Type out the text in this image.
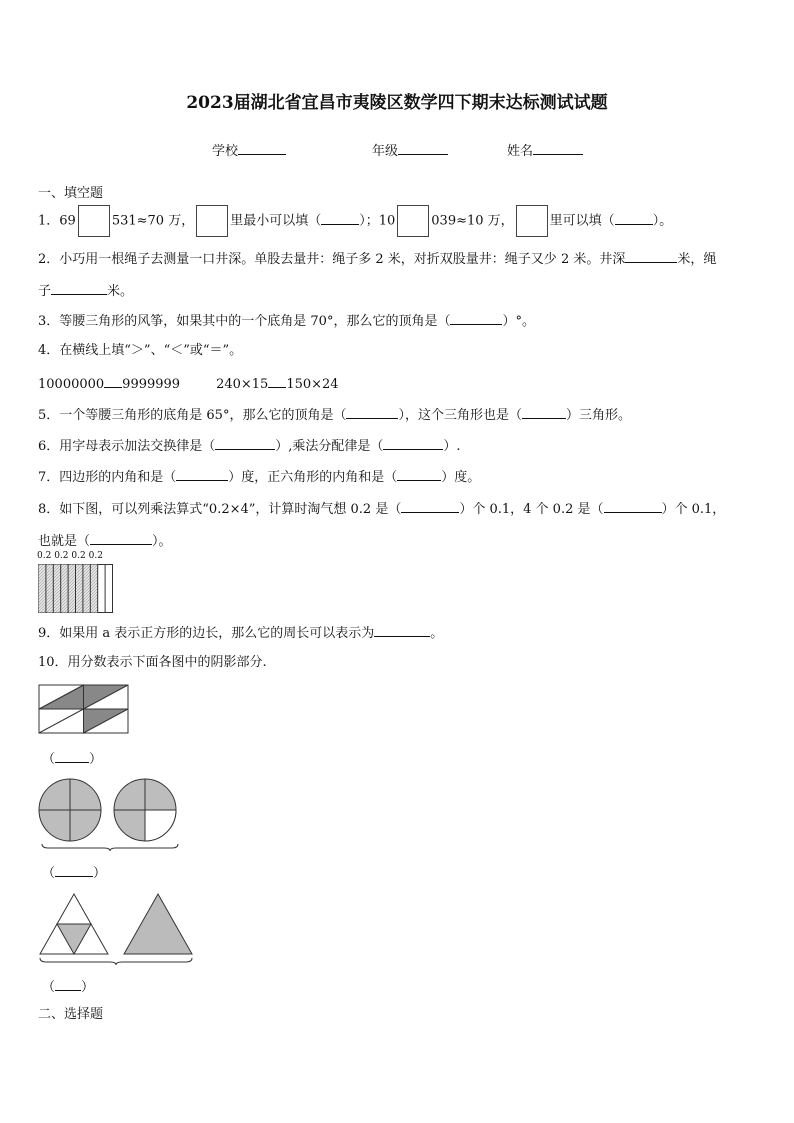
2023届湖北省宜昌市夷陵区数学四下期末达标测试试题
学校	年级	姓名
一、填空题
1．69	531≈70 万，	里最小可以填（	）；10	039≈10 万，	里可以填（	）。
2．小巧用一根绳子去测量一口井深。单股去量井：绳子多 2 米，对折双股量井：绳子又少 2 米。井深	米，绳
子	米。
3．等腰三角形的风筝，如果其中的一个底角是 70°，那么它的顶角是（	）°。
4．在横线上填“＞”、“＜”或“＝”。
10000000 9999999	240×15 150×24
5．一个等腰三角形的底角是 65°，那么它的顶角是（	），这个三角形也是（	）三角形。
6．用字母表示加法交换律是（	）,乘法分配律是（	）.
7．四边形的内角和是（	）度，正六角形的内角和是（	）度。
8．如下图，可以列乘法算式“0.2×4”，计算时淘气想 0.2 是（	）个 0.1，4 个 0.2 是（	）个 0.1，
也就是（	）。
0.2 0.2 0.2 0.2
9．如果用 a 表示正方形的边长，那么它的周长可以表示为	。
10．用分数表示下面各图中的阴影部分.
（	）
（	）
（ ）
二、选择题
